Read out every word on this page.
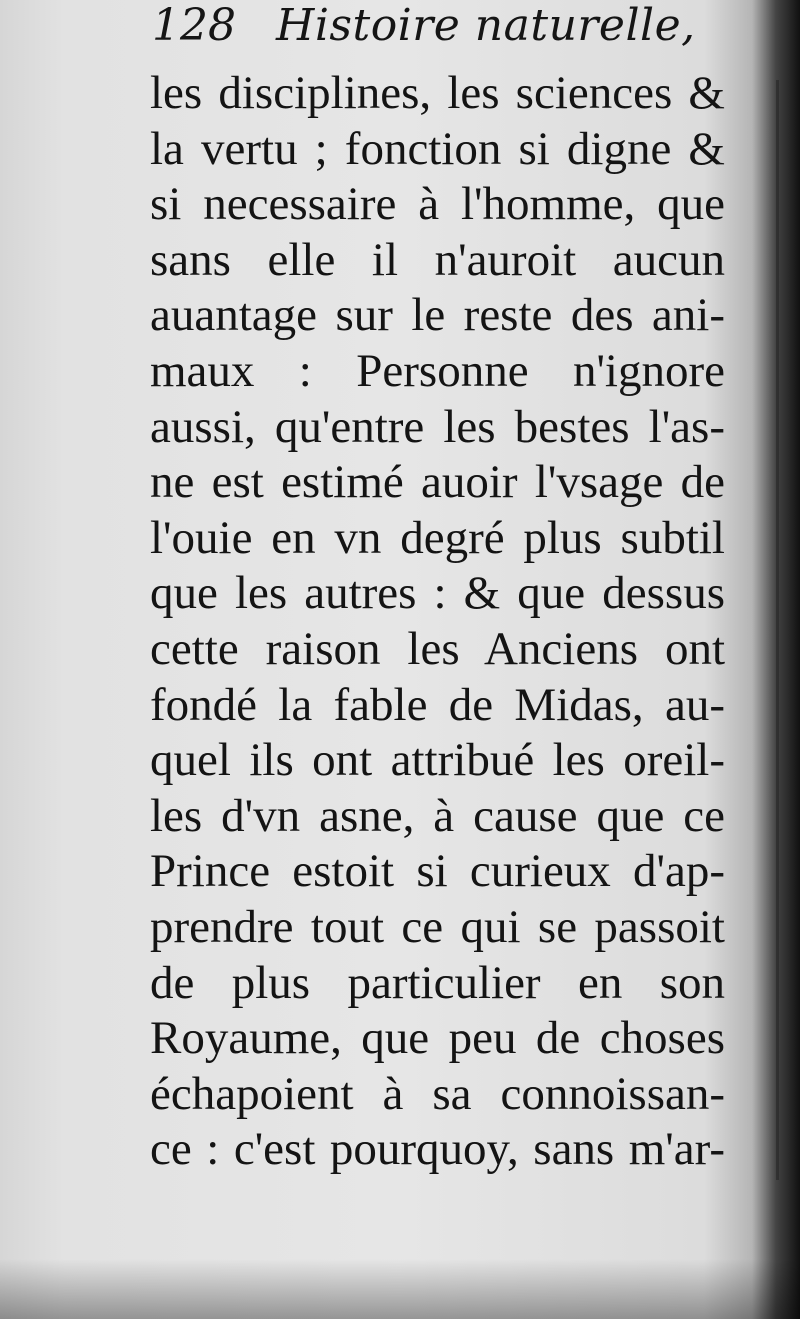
128 Histoire naturelle,
les disciplines, les sciences &
la vertu ; fonction si digne &
si necessaire à l'homme, que
sans elle il n'auroit aucun
auantage sur le reste des ani-
maux : Personne n'ignore
aussi, qu'entre les bestes l'as-
ne est estimé auoir l'vsage de
l'ouie en vn degré plus subtil
que les autres : & que dessus
cette raison les Anciens ont
fondé la fable de Midas, au-
quel ils ont attribué les oreil-
les d'vn asne, à cause que ce
Prince estoit si curieux d'ap-
prendre tout ce qui se passoit
de plus particulier en son
Royaume, que peu de choses
échapoient à sa connoissan-
ce : c'est pourquoy, sans m'ar-
